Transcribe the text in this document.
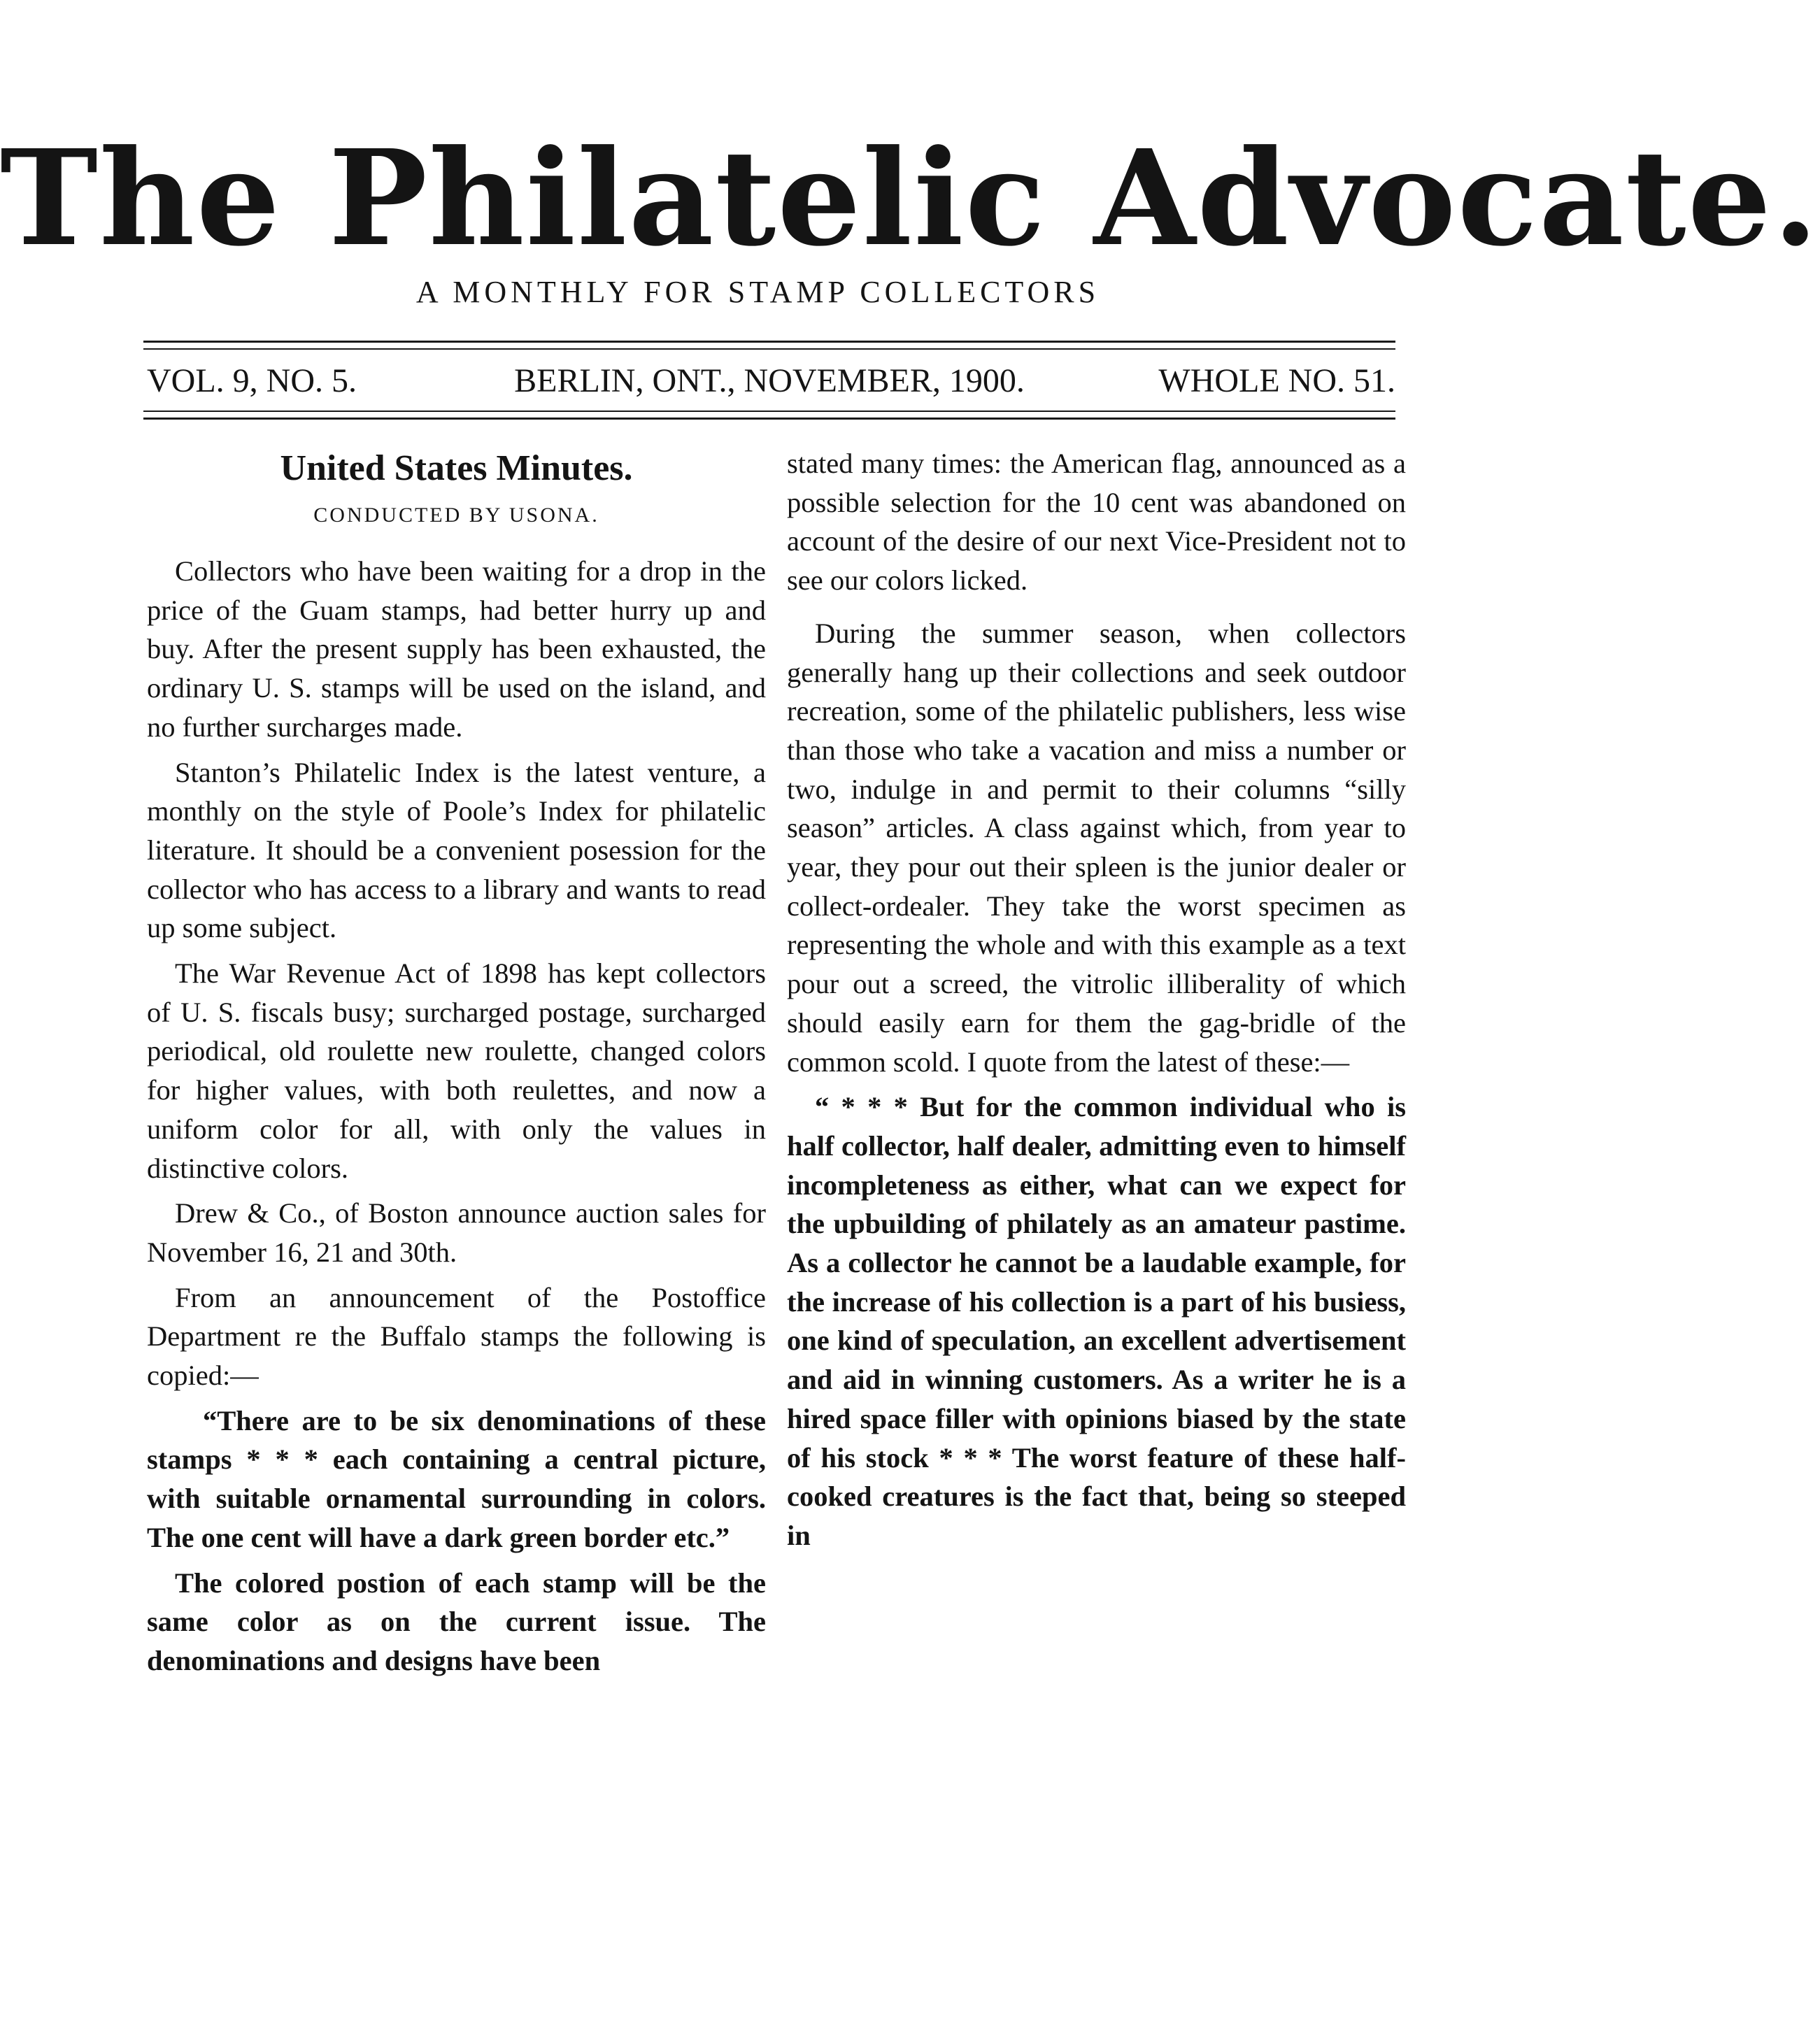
The Philatelic Advocate.
A MONTHLY FOR STAMP COLLECTORS
VOL. 9, NO. 5.	BERLIN, ONT., NOVEMBER, 1900.	WHOLE NO. 51.
United States Minutes.
CONDUCTED BY USONA.

Collectors who have been waiting for a drop in the price of the Guam stamps, had better hurry up and buy. After the present supply has been exhausted, the ordinary U. S. stamps will be used on the island, and no further surcharges made.

Stanton’s Philatelic Index is the latest venture, a monthly on the style of Poole’s Index for philatelic literature. It should be a convenient posession for the collector who has access to a library and wants to read up some subject.

The War Revenue Act of 1898 has kept collectors of U. S. fiscals busy; surcharged postage, surcharged periodical, old roulette new roulette, changed colors for higher values, with both reulettes, and now a uniform color for all, with only the values in distinctive colors.

Drew & Co., of Boston announce auction sales for November 16, 21 and 30th.

From an announcement of the Postoffice Department re the Buffalo stamps the following is copied:—

“There are to be six denominations of these stamps * * * each containing a central picture, with suitable ornamental surrounding in colors. The one cent will have a dark green border etc.”

The colored postion of each stamp will be the same color as on the current issue. The denominations and designs have been

stated many times: the American flag, announced as a possible selection for the 10 cent was abandoned on account of the desire of our next Vice-President not to see our colors licked.

During the summer season, when collectors generally hang up their collections and seek outdoor recreation, some of the philatelic publishers, less wise than those who take a vacation and miss a number or two, indulge in and permit to their columns “silly season” articles. A class against which, from year to year, they pour out their spleen is the junior dealer or collect-ordealer. They take the worst specimen as representing the whole and with this example as a text pour out a screed, the vitrolic illiberality of which should easily earn for them the gag-bridle of the common scold. I quote from the latest of these:—

“ * * * But for the common individual who is half collector, half dealer, admitting even to himself incompleteness as either, what can we expect for the upbuilding of philately as an amateur pastime. As a collector he cannot be a laudable example, for the increase of his collection is a part of his busiess, one kind of speculation, an excellent advertisement and aid in winning customers. As a writer he is a hired space filler with opinions biased by the state of his stock * * * The worst feature of these half-cooked creatures is the fact that, being so steeped in
